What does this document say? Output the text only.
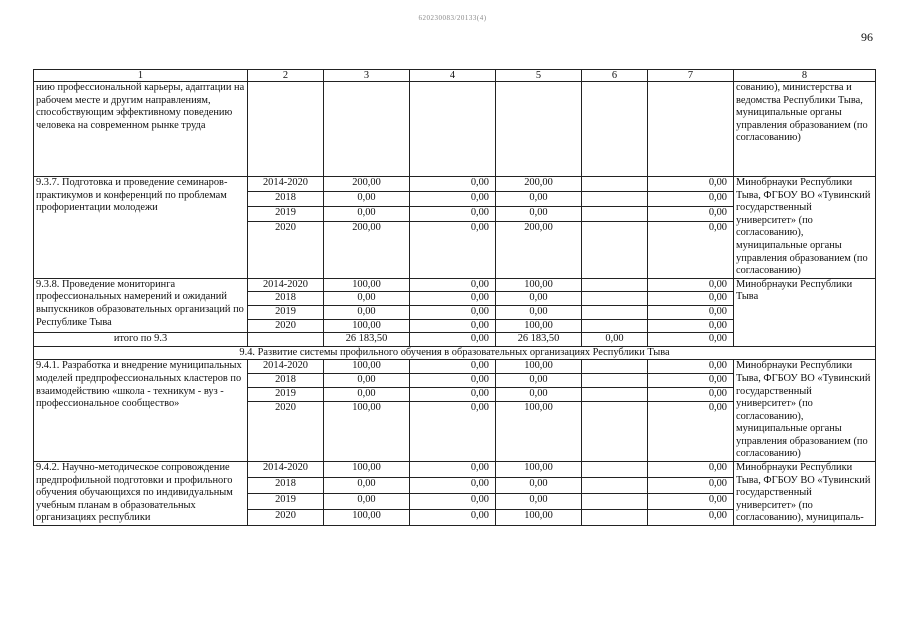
620230083/20133(4)
96
1	2	3	4	5	6	7	8
нию профессиональной карьеры, адаптации на рабочем месте и другим направлениям, способствующим эффективному поведению человека на современном рынке труда							сованию), министерства и ведомства Республики Тыва, муниципальные органы управления образованием (по согласованию)
9.3.7. Подготовка и проведение семинаров-практикумов и конференций по проблемам профориентации молодежи	2014-2020	200,00	0,00	200,00		0,00	Минобрнауки Республики Тыва, ФГБОУ ВО «Тувинский государственный университет» (по согласованию), муниципальные органы управления образованием (по согласованию)
	2018	0,00	0,00	0,00		0,00	
	2019	0,00	0,00	0,00		0,00	
	2020	200,00	0,00	200,00		0,00	
9.3.8. Проведение мониторинга профессиональных намерений и ожиданий выпускников образовательных организаций по Республике Тыва	2014-2020	100,00	0,00	100,00		0,00	Минобрнауки Республики Тыва
	2018	0,00	0,00	0,00		0,00	
	2019	0,00	0,00	0,00		0,00	
	2020	100,00	0,00	100,00		0,00	
итого по 9.3		26 183,50	0,00	26 183,50	0,00	0,00	
9.4. Развитие системы профильного обучения в образовательных организациях Республики Тыва							
9.4.1. Разработка и внедрение муниципальных моделей предпрофессиональных кластеров по взаимодействию «школа - техникум - вуз - профессиональное сообщество»	2014-2020	100,00	0,00	100,00		0,00	Минобрнауки Республики Тыва, ФГБОУ ВО «Тувинский государственный университет» (по согласованию), муниципальные органы управления образованием (по согласованию)
	2018	0,00	0,00	0,00		0,00	
	2019	0,00	0,00	0,00		0,00	
	2020	100,00	0,00	100,00		0,00	
9.4.2. Научно-методическое сопровождение предпрофильной подготовки и профильного обучения обучающихся по индивидуальным учебным планам в образовательных организациях республики	2014-2020	100,00	0,00	100,00		0,00	Минобрнауки Республики Тыва, ФГБОУ ВО «Тувинский государственный университет» (по согласованию), муниципаль-
	2018	0,00	0,00	0,00		0,00	
	2019	0,00	0,00	0,00		0,00	
	2020	100,00	0,00	100,00		0,00	
